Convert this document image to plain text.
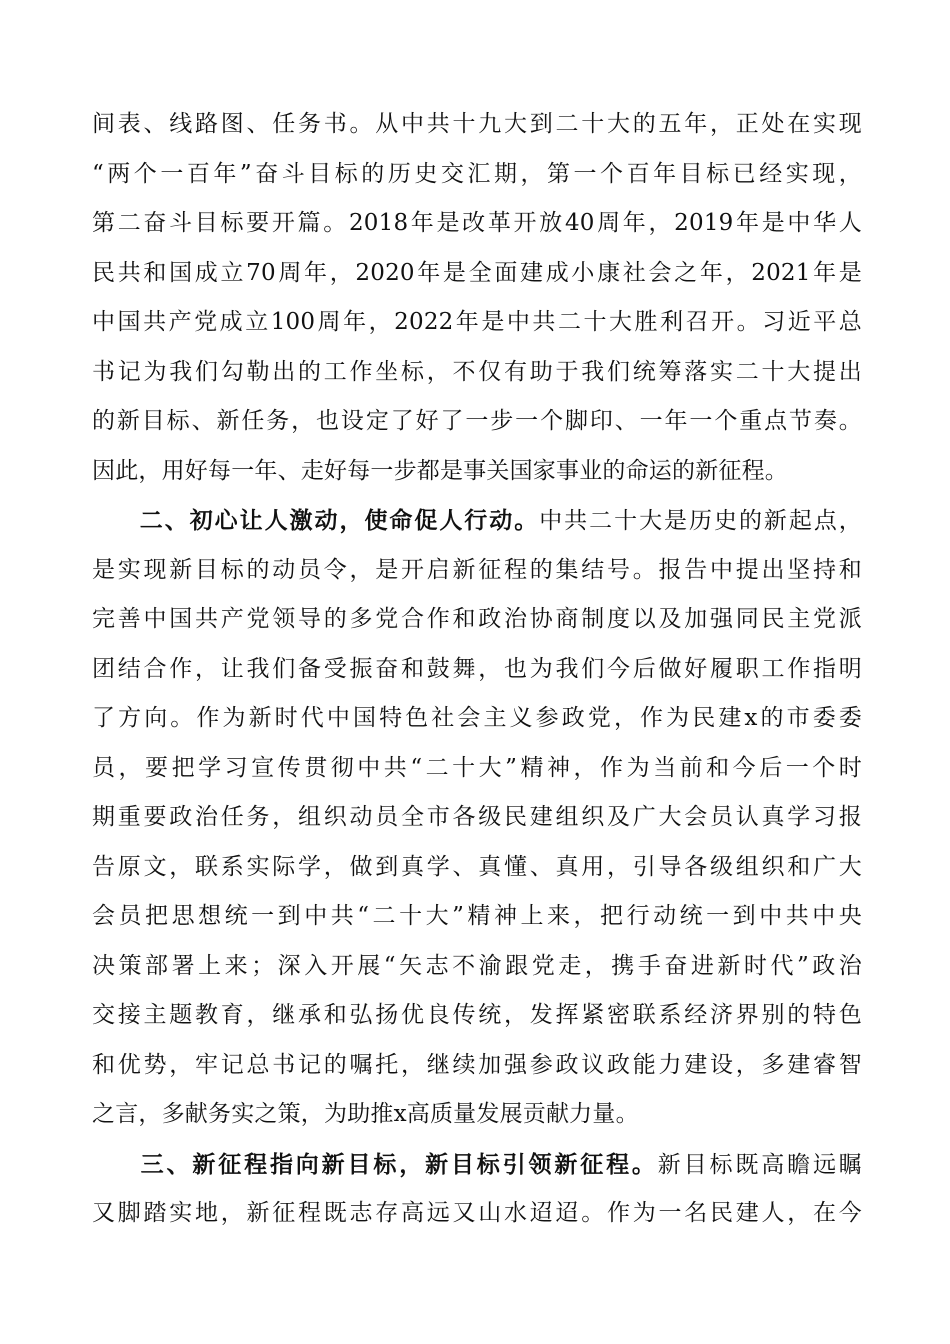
间表、线路图、任务书。从中共十九大到二十大的五年，正处在实现
“两个一百年”奋斗目标的历史交汇期，第一个百年目标已经实现，
第二奋斗目标要开篇。2018年是改革开放40周年，2019年是中华人
民共和国成立70周年，2020年是全面建成小康社会之年，2021年是
中国共产党成立100周年，2022年是中共二十大胜利召开。习近平总
书记为我们勾勒出的工作坐标，不仅有助于我们统筹落实二十大提出
的新目标、新任务，也设定了好了一步一个脚印、一年一个重点节奏。
因此，用好每一年、走好每一步都是事关国家事业的命运的新征程。
二、初心让人激动，使命促人行动。中共二十大是历史的新起点，
是实现新目标的动员令，是开启新征程的集结号。报告中提出坚持和
完善中国共产党领导的多党合作和政治协商制度以及加强同民主党派
团结合作，让我们备受振奋和鼓舞，也为我们今后做好履职工作指明
了方向。作为新时代中国特色社会主义参政党，作为民建x的市委委
员，要把学习宣传贯彻中共“二十大”精神，作为当前和今后一个时
期重要政治任务，组织动员全市各级民建组织及广大会员认真学习报
告原文，联系实际学，做到真学、真懂、真用，引导各级组织和广大
会员把思想统一到中共“二十大”精神上来，把行动统一到中共中央
决策部署上来；深入开展“矢志不渝跟党走，携手奋进新时代”政治
交接主题教育，继承和弘扬优良传统，发挥紧密联系经济界别的特色
和优势，牢记总书记的嘱托，继续加强参政议政能力建设，多建睿智
之言，多献务实之策，为助推x高质量发展贡献力量。
三、新征程指向新目标，新目标引领新征程。新目标既高瞻远瞩
又脚踏实地，新征程既志存高远又山水迢迢。作为一名民建人，在今
